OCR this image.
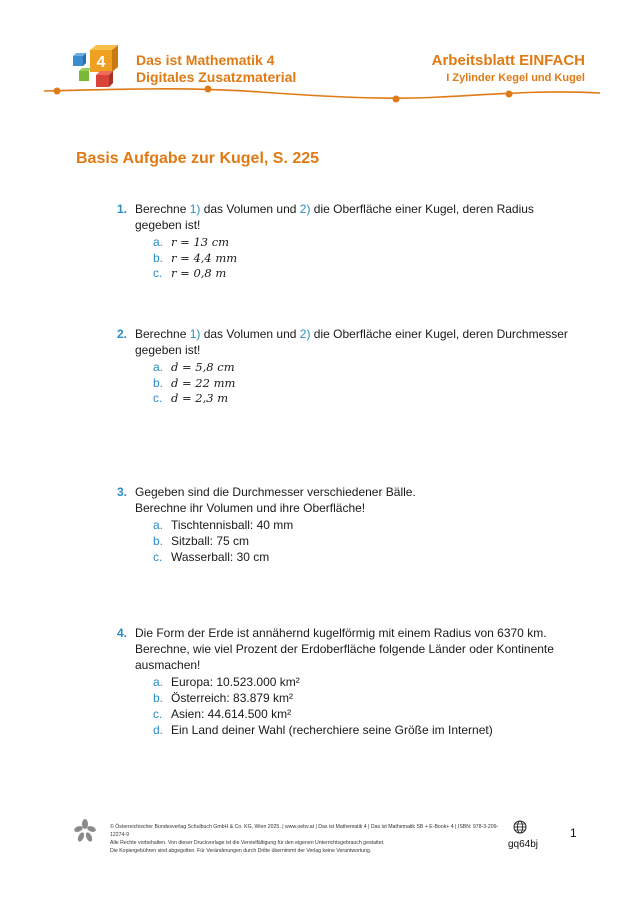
4 Das ist Mathematik 4
Digitales Zusatzmaterial
Arbeitsblatt EINFACH
I Zylinder Kegel und Kugel
Basis Aufgabe zur Kugel, S. 225
1. Berechne 1) das Volumen und 2) die Oberfläche einer Kugel, deren Radius
gegeben ist!
a. r = 13 cm
b. r = 4,4 mm
c. r = 0,8 m
2. Berechne 1) das Volumen und 2) die Oberfläche einer Kugel, deren Durchmesser
gegeben ist!
a. d = 5,8 cm
b. d = 22 mm
c. d = 2,3 m
3. Gegeben sind die Durchmesser verschiedener Bälle.
Berechne ihr Volumen und ihre Oberfläche!
a. Tischtennisball: 40 mm
b. Sitzball: 75 cm
c. Wasserball: 30 cm
4. Die Form der Erde ist annähernd kugelförmig mit einem Radius von 6370 km.
Berechne, wie viel Prozent der Erdoberfläche folgende Länder oder Kontinente
ausmachen!
a. Europa: 10.523.000 km²
b. Österreich: 83.879 km²
c. Asien: 44.614.500 km²
d. Ein Land deiner Wahl (recherchiere seine Größe im Internet)
© Österreichischer Bundesverlag Schulbuch GmbH & Co. KG, Wien 2025. | www.oebv.at | Das ist Mathematik 4 | Das ist Mathematik SB + E-Book+ 4 | ISBN: 978-3-209-12274-9
Alle Rechte vorbehalten. Von dieser Druckvorlage ist die Vervielfältigung für den eigenen Unterrichtsgebrauch gestattet.
Die Kopiergebühren sind abgegolten. Für Veränderungen durch Dritte übernimmt der Verlag keine Verantwortung.
gq64bj
1
